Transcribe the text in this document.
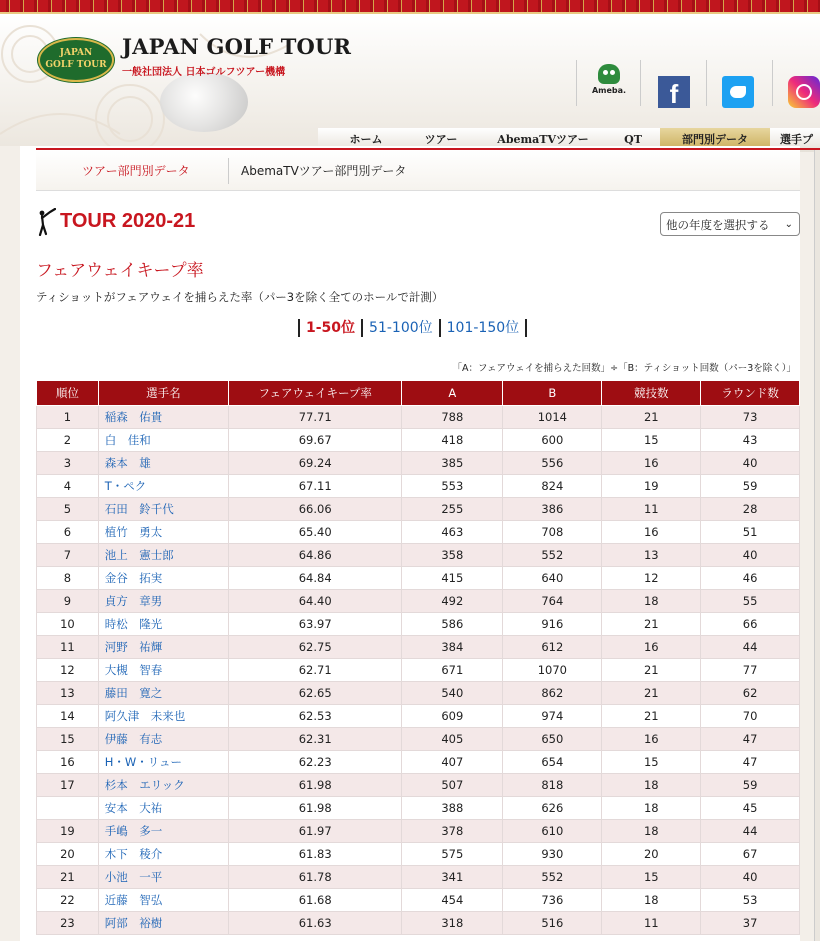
JAPAN
GOLF TOUR
JAPAN GOLF TOUR
一般社団法人 日本ゴルフツアー機構
Ameba.	f
ホーム	ツアー	AbemaTVツアー	QT	部門別データ	選手プ
ツアー部門別データ	AbemaTVツアー部門別データ
TOUR 2020-21	他の年度を選択する ⌄
フェアウェイキープ率
ティショットがフェアウェイを捕らえた率（パー3を除く全てのホールで計測）
1-50位 51-100位 101-150位
「A：フェアウェイを捕らえた回数」÷「B：ティショット回数（パー3を除く）」
順位	選手名	フェアウェイキープ率	A	B	競技数	ラウンド数
1	稲森　佑貴	77.71	788	1014	21	73
2	白　佳和	69.67	418	600	15	43
3	森本　雄	69.24	385	556	16	40
4	T・ペク	67.11	553	824	19	59
5	石田　鈴千代	66.06	255	386	11	28
6	植竹　勇太	65.40	463	708	16	51
7	池上　憲士郎	64.86	358	552	13	40
8	金谷　拓実	64.84	415	640	12	46
9	貞方　章男	64.40	492	764	18	55
10	時松　隆光	63.97	586	916	21	66
11	河野　祐輝	62.75	384	612	16	44
12	大槻　智春	62.71	671	1070	21	77
13	藤田　寛之	62.65	540	862	21	62
14	阿久津　未来也	62.53	609	974	21	70
15	伊藤　有志	62.31	405	650	16	47
16	H・W・リュー	62.23	407	654	15	47
17	杉本　エリック	61.98	507	818	18	59
	安本　大祐	61.98	388	626	18	45
19	手嶋　多一	61.97	378	610	18	44
20	木下　稜介	61.83	575	930	20	67
21	小池　一平	61.78	341	552	15	40
22	近藤　智弘	61.68	454	736	18	53
23	阿部　裕樹	61.63	318	516	11	37
